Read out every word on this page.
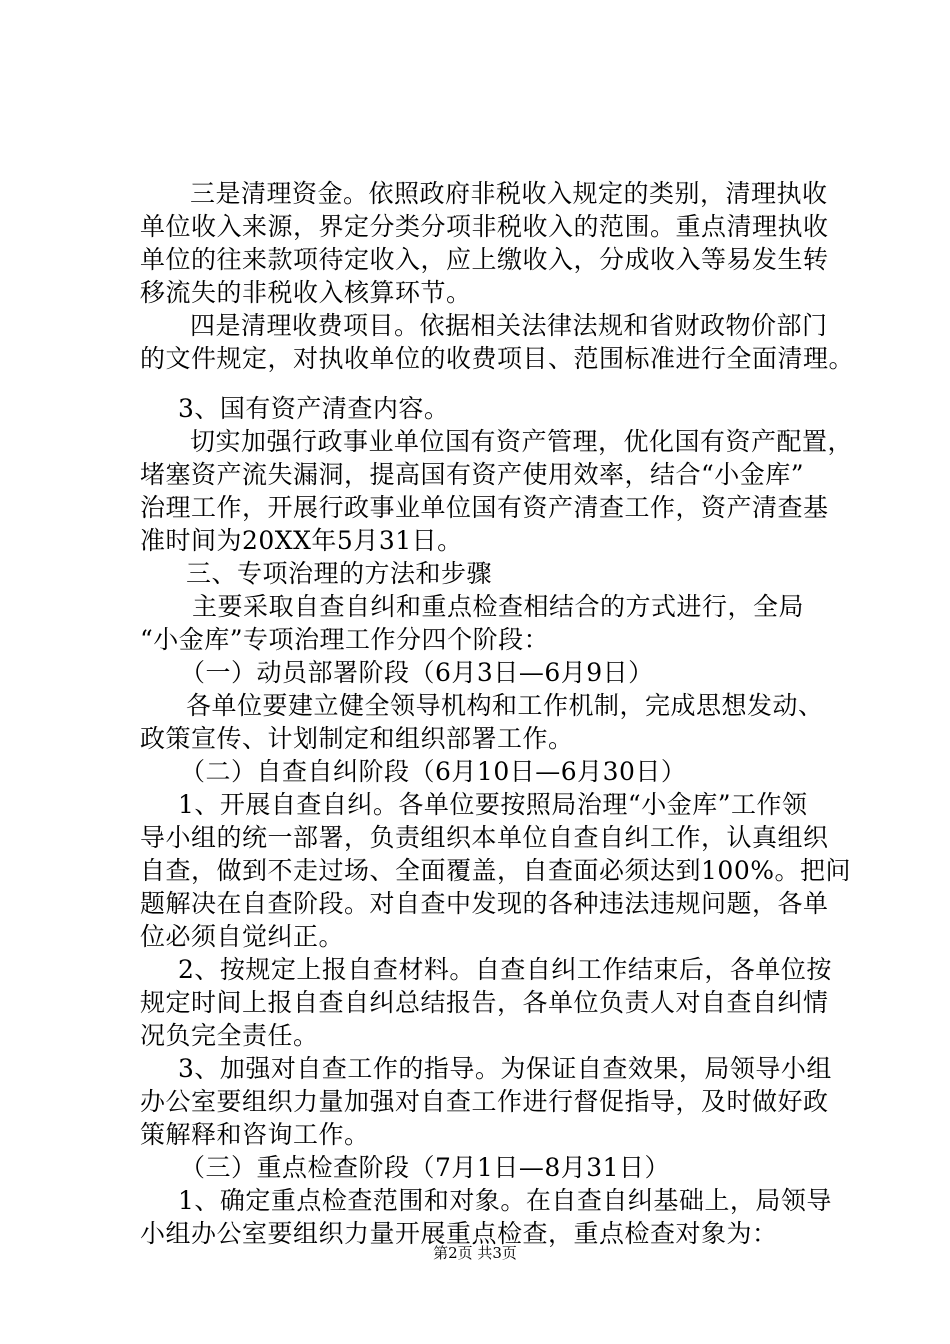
三是清理资金。依照政府非税收入规定的类别，清理执收
单位收入来源，界定分类分项非税收入的范围。重点清理执收
单位的往来款项待定收入，应上缴收入，分成收入等易发生转
移流失的非税收入核算环节。
四是清理收费项目。依据相关法律法规和省财政物价部门
的文件规定，对执收单位的收费项目、范围标准进行全面清理。
3、国有资产清查内容。
切实加强行政事业单位国有资产管理，优化国有资产配置，
堵塞资产流失漏洞，提高国有资产使用效率，结合“小金库”
治理工作，开展行政事业单位国有资产清查工作，资产清查基
准时间为20XX年5月31日。
三、专项治理的方法和步骤
主要采取自查自纠和重点检查相结合的方式进行，全局
“小金库”专项治理工作分四个阶段：
（一）动员部署阶段（6月3日—6月9日）
各单位要建立健全领导机构和工作机制，完成思想发动、
政策宣传、计划制定和组织部署工作。
（二）自查自纠阶段（6月10日—6月30日）
1、开展自查自纠。各单位要按照局治理“小金库”工作领
导小组的统一部署，负责组织本单位自查自纠工作，认真组织
自查，做到不走过场、全面覆盖，自查面必须达到100%。把问
题解决在自查阶段。对自查中发现的各种违法违规问题，各单
位必须自觉纠正。
2、按规定上报自查材料。自查自纠工作结束后，各单位按
规定时间上报自查自纠总结报告，各单位负责人对自查自纠情
况负完全责任。
3、加强对自查工作的指导。为保证自查效果，局领导小组
办公室要组织力量加强对自查工作进行督促指导，及时做好政
策解释和咨询工作。
（三）重点检查阶段（7月1日—8月31日）
1、确定重点检查范围和对象。在自查自纠基础上，局领导
小组办公室要组织力量开展重点检查，重点检查对象为：
第2页 共3页
